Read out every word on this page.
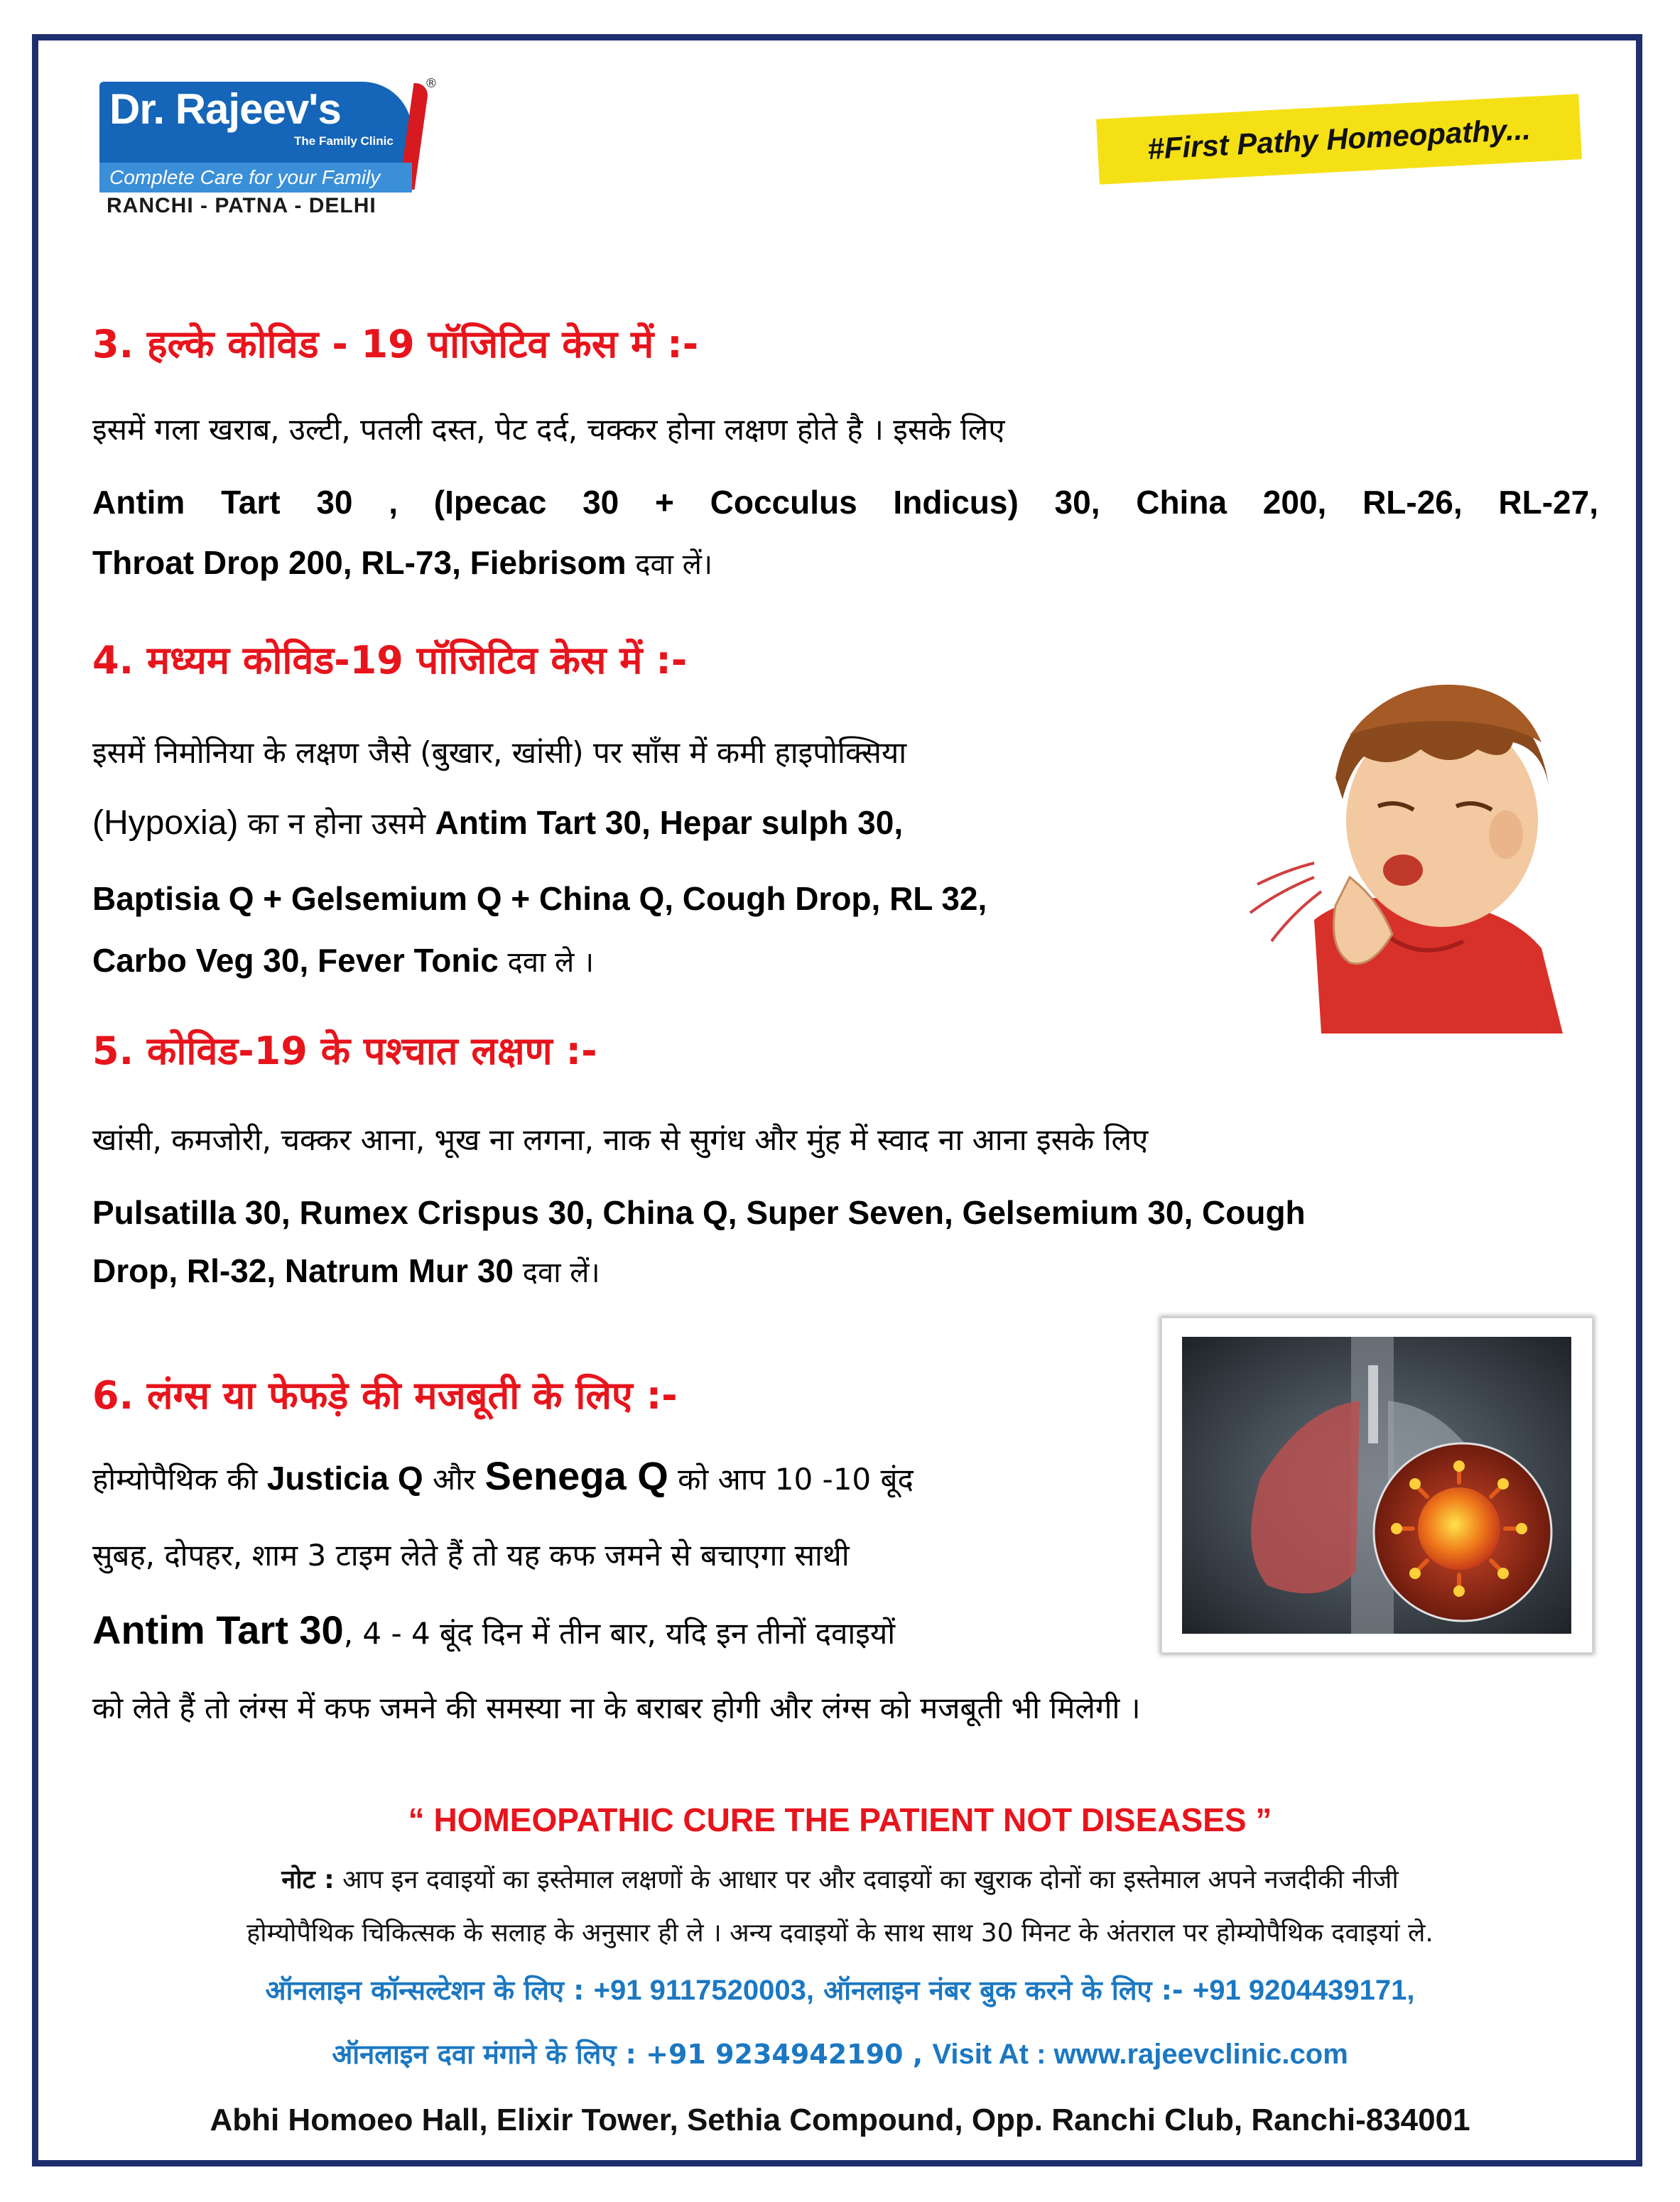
Dr. Rajeev's
The Family Clinic
®
Complete Care for your Family
RANCHI - PATNA - DELHI
#First Pathy Homeopathy...
3. हल्के कोविड - 19 पॉजिटिव केस में :-
इसमें गला खराब, उल्टी, पतली दस्त, पेट दर्द, चक्कर होना लक्षण होते है । इसके लिए
Antim Tart 30 , (Ipecac 30 + Cocculus Indicus) 30, China 200, RL-26, RL-27,
Throat Drop 200, RL-73, Fiebrisom दवा लें।
4. मध्यम कोविड-19 पॉजिटिव केस में :-
इसमें निमोनिया के लक्षण जैसे (बुखार, खांसी) पर साँस में कमी हाइपोक्सिया
(Hypoxia) का न होना उसमे Antim Tart 30, Hepar sulph 30,
Baptisia Q + Gelsemium Q + China Q, Cough Drop, RL 32,
Carbo Veg 30, Fever Tonic दवा ले ।
5. कोविड-19 के पश्चात लक्षण :-
खांसी, कमजोरी, चक्कर आना, भूख ना लगना, नाक से सुगंध और मुंह में स्वाद ना आना इसके लिए
Pulsatilla 30, Rumex Crispus 30, China Q, Super Seven, Gelsemium 30, Cough
Drop, Rl-32, Natrum Mur 30 दवा लें।
6. लंग्स या फेफड़े की मजबूती के लिए :-
होम्योपैथिक की Justicia Q और Senega Q को आप 10 -10 बूंद
सुबह, दोपहर, शाम 3 टाइम लेते हैं तो यह कफ जमने से बचाएगा साथी
Antim Tart 30, 4 - 4 बूंद दिन में तीन बार, यदि इन तीनों दवाइयों
को लेते हैं तो लंग्स में कफ जमने की समस्या ना के बराबर होगी और लंग्स को मजबूती भी मिलेगी ।
“ HOMEOPATHIC CURE THE PATIENT NOT DISEASES ”
नोट : आप इन दवाइयों का इस्तेमाल लक्षणों के आधार पर और दवाइयों का खुराक दोनों का इस्तेमाल अपने नजदीकी नीजी
होम्योपैथिक चिकित्सक के सलाह के अनुसार ही ले । अन्य दवाइयों के साथ साथ 30 मिनट के अंतराल पर होम्योपैथिक दवाइयां ले.
ऑनलाइन कॉन्सल्टेशन के लिए : +91 9117520003, ऑनलाइन नंबर बुक करने के लिए :- +91 9204439171,
ऑनलाइन दवा मंगाने के लिए : +91 9234942190 , Visit At : www.rajeevclinic.com
Abhi Homoeo Hall, Elixir Tower, Sethia Compound, Opp. Ranchi Club, Ranchi-834001
